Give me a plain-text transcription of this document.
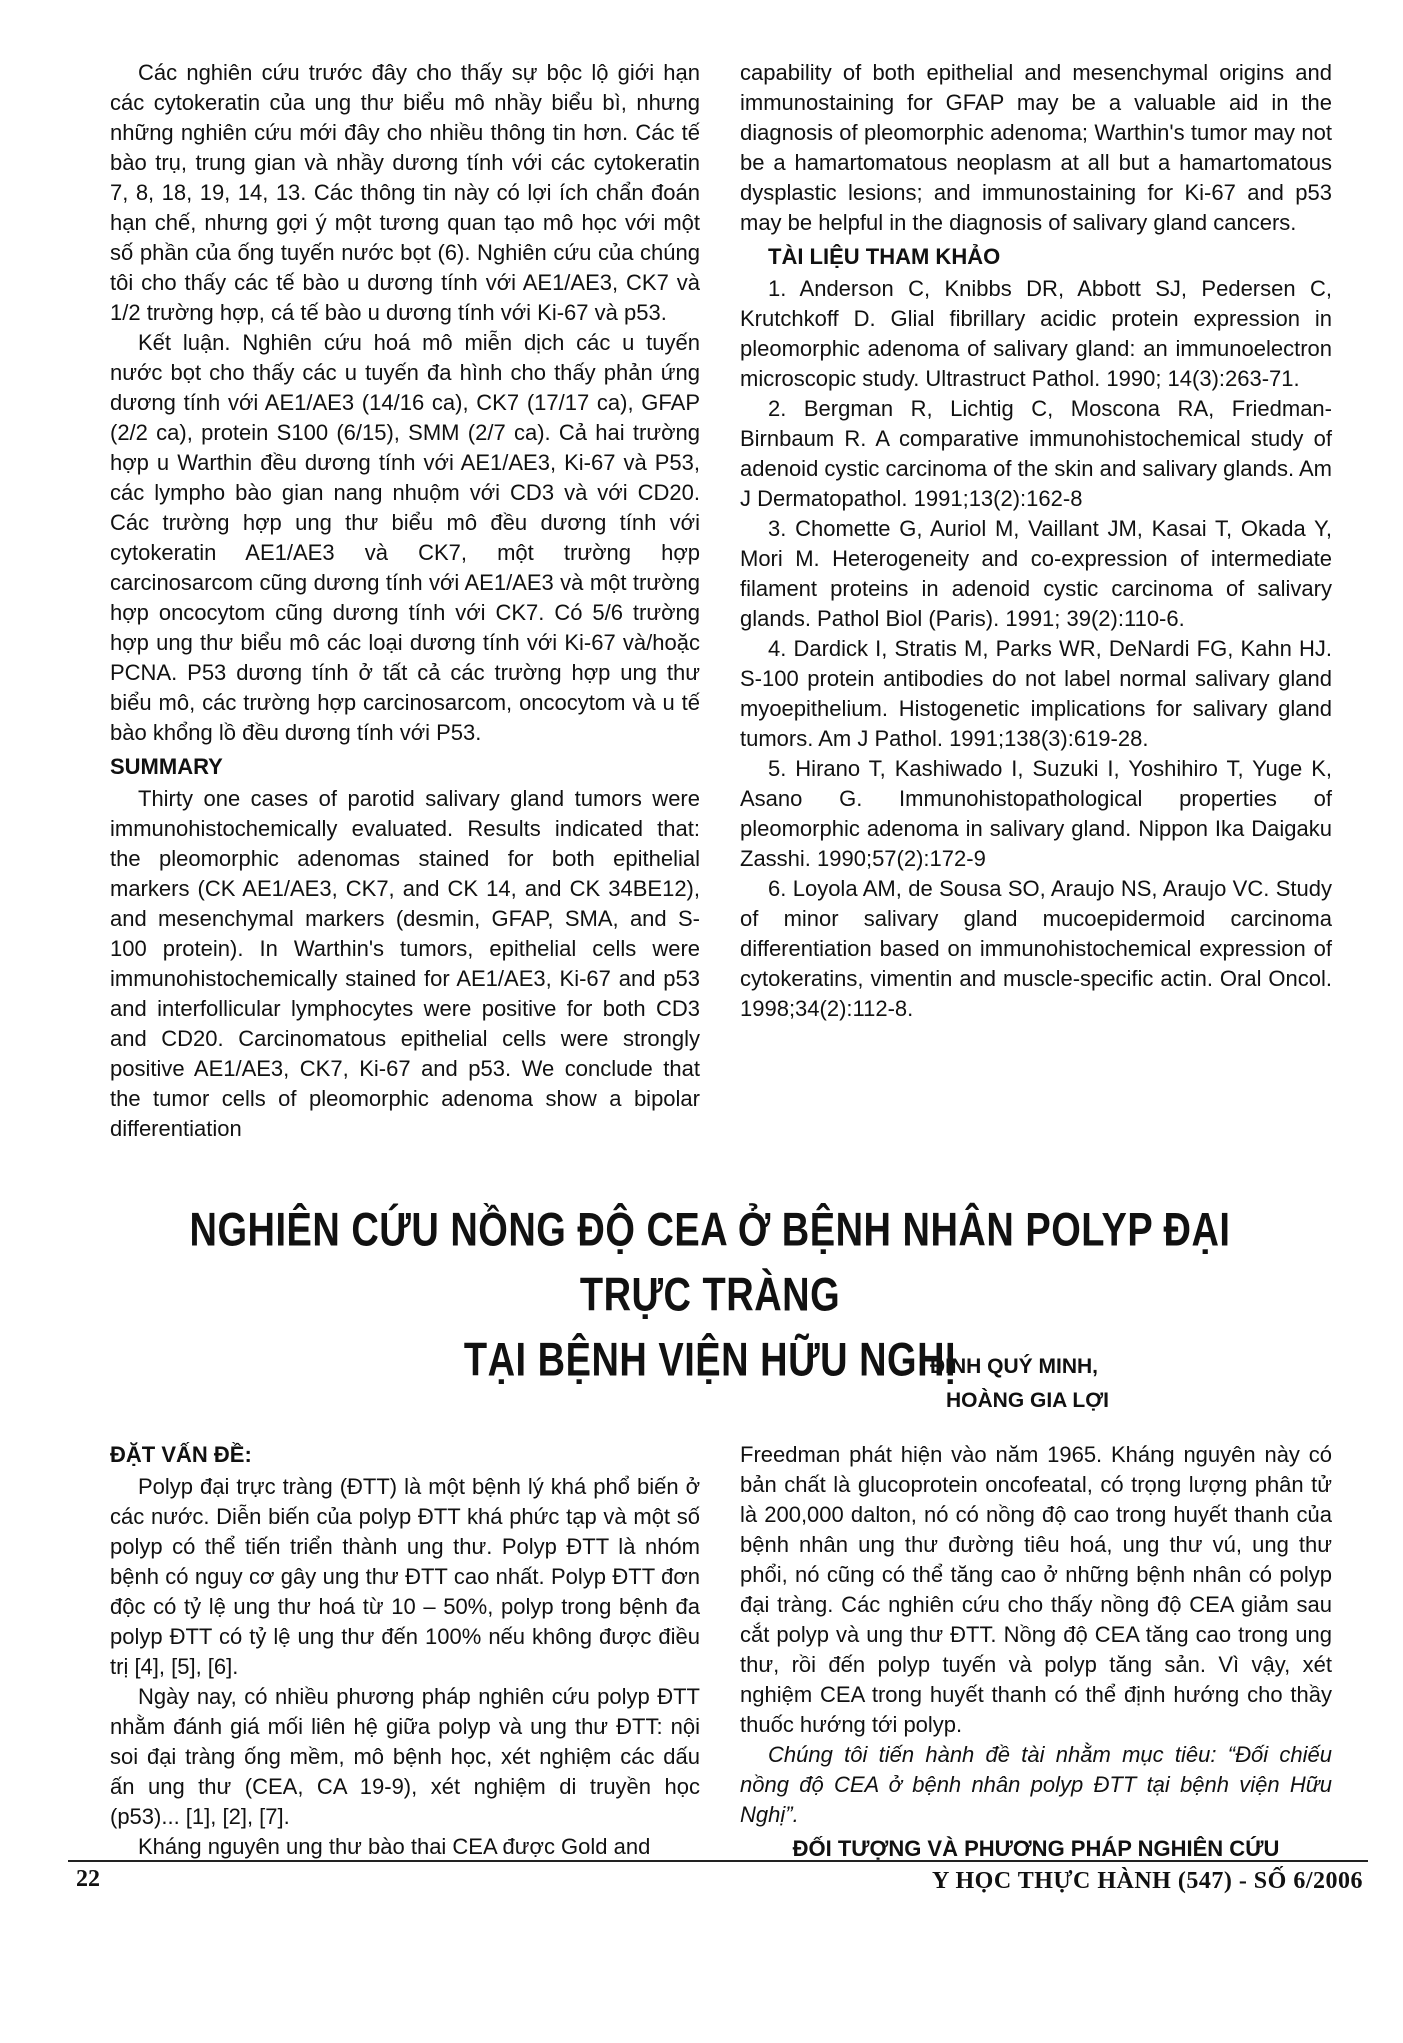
Các nghiên cứu trước đây cho thấy sự bộc lộ giới hạn các cytokeratin của ung thư biểu mô nhầy biểu bì, nhưng những nghiên cứu mới đây cho nhiều thông tin hơn. Các tế bào trụ, trung gian và nhầy dương tính với các cytokeratin 7, 8, 18, 19, 14, 13. Các thông tin này có lợi ích chẩn đoán hạn chế, nhưng gợi ý một tương quan tạo mô học với một số phần của ống tuyến nước bọt (6). Nghiên cứu của chúng tôi cho thấy các tế bào u dương tính với AE1/AE3, CK7 và 1/2 trường hợp, cá tế bào u dương tính với Ki-67 và p53.

Kết luận. Nghiên cứu hoá mô miễn dịch các u tuyến nước bọt cho thấy các u tuyến đa hình cho thấy phản ứng dương tính với AE1/AE3 (14/16 ca), CK7 (17/17 ca), GFAP (2/2 ca), protein S100 (6/15), SMM (2/7 ca). Cả hai trường hợp u Warthin đều dương tính với AE1/AE3, Ki-67 và P53, các lympho bào gian nang nhuộm với CD3 và với CD20. Các trường hợp ung thư biểu mô đều dương tính với cytokeratin AE1/AE3 và CK7, một trường hợp carcinosarcom cũng dương tính với AE1/AE3 và một trường hợp oncocytom cũng dương tính với CK7. Có 5/6 trường hợp ung thư biểu mô các loại dương tính với Ki-67 và/hoặc PCNA. P53 dương tính ở tất cả các trường hợp ung thư biểu mô, các trường hợp carcinosarcom, oncocytom và u tế bào khổng lồ đều dương tính với P53.

SUMMARY

Thirty one cases of parotid salivary gland tumors were immunohistochemically evaluated. Results indicated that: the pleomorphic adenomas stained for both epithelial markers (CK AE1/AE3, CK7, and CK 14, and CK 34BE12), and mesenchymal markers (desmin, GFAP, SMA, and S-100 protein). In Warthin's tumors, epithelial cells were immunohistochemically stained for AE1/AE3, Ki-67 and p53 and interfollicular lymphocytes were positive for both CD3 and CD20. Carcinomatous epithelial cells were strongly positive AE1/AE3, CK7, Ki-67 and p53. We conclude that the tumor cells of pleomorphic adenoma show a bipolar differentiation

capability of both epithelial and mesenchymal origins and immunostaining for GFAP may be a valuable aid in the diagnosis of pleomorphic adenoma; Warthin's tumor may not be a hamartomatous neoplasm at all but a hamartomatous dysplastic lesions; and immunostaining for Ki-67 and p53 may be helpful in the diagnosis of salivary gland cancers.

TÀI LIỆU THAM KHẢO

1. Anderson C, Knibbs DR, Abbott SJ, Pedersen C, Krutchkoff D. Glial fibrillary acidic protein expression in pleomorphic adenoma of salivary gland: an immunoelectron microscopic study. Ultrastruct Pathol. 1990; 14(3):263-71.

2. Bergman R, Lichtig C, Moscona RA, Friedman-Birnbaum R. A comparative immunohistochemical study of adenoid cystic carcinoma of the skin and salivary glands. Am J Dermatopathol. 1991;13(2):162-8

3. Chomette G, Auriol M, Vaillant JM, Kasai T, Okada Y, Mori M. Heterogeneity and co-expression of intermediate filament proteins in adenoid cystic carcinoma of salivary glands. Pathol Biol (Paris). 1991; 39(2):110-6.

4. Dardick I, Stratis M, Parks WR, DeNardi FG, Kahn HJ. S-100 protein antibodies do not label normal salivary gland myoepithelium. Histogenetic implications for salivary gland tumors. Am J Pathol. 1991;138(3):619-28.

5. Hirano T, Kashiwado I, Suzuki I, Yoshihiro T, Yuge K, Asano G. Immunohistopathological properties of pleomorphic adenoma in salivary gland. Nippon Ika Daigaku Zasshi. 1990;57(2):172-9

6. Loyola AM, de Sousa SO, Araujo NS, Araujo VC. Study of minor salivary gland mucoepidermoid carcinoma differentiation based on immunohistochemical expression of cytokeratins, vimentin and muscle-specific actin. Oral Oncol. 1998;34(2):112-8.

NGHIÊN CỨU NỒNG ĐỘ CEA Ở BỆNH NHÂN POLYP ĐẠI TRỰC TRÀNG
TẠI BỆNH VIỆN HỮU NGHỊ
ĐINH QUÝ MINH,
HOÀNG GIA LỢI
ĐẶT VẤN ĐỀ:

Polyp đại trực tràng (ĐTT) là một bệnh lý khá phổ biến ở các nước. Diễn biến của polyp ĐTT khá phức tạp và một số polyp có thể tiến triển thành ung thư. Polyp ĐTT là nhóm bệnh có nguy cơ gây ung thư ĐTT cao nhất. Polyp ĐTT đơn độc có tỷ lệ ung thư hoá từ 10 – 50%, polyp trong bệnh đa polyp ĐTT có tỷ lệ ung thư đến 100% nếu không được điều trị [4], [5], [6].

Ngày nay, có nhiều phương pháp nghiên cứu polyp ĐTT nhằm đánh giá mối liên hệ giữa polyp và ung thư ĐTT: nội soi đại tràng ống mềm, mô bệnh học, xét nghiệm các dấu ấn ung thư (CEA, CA 19-9), xét nghiệm di truyền học (p53)... [1], [2], [7].

Kháng nguyên ung thư bào thai CEA được Gold and

Freedman phát hiện vào năm 1965. Kháng nguyên này có bản chất là glucoprotein oncofeatal, có trọng lượng phân tử là 200,000 dalton, nó có nồng độ cao trong huyết thanh của bệnh nhân ung thư đường tiêu hoá, ung thư vú, ung thư phổi, nó cũng có thể tăng cao ở những bệnh nhân có polyp đại tràng. Các nghiên cứu cho thấy nồng độ CEA giảm sau cắt polyp và ung thư ĐTT. Nồng độ CEA tăng cao trong ung thư, rồi đến polyp tuyến và polyp tăng sản. Vì vậy, xét nghiệm CEA trong huyết thanh có thể định hướng cho thầy thuốc hướng tới polyp.

Chúng tôi tiến hành đề tài nhằm mục tiêu: “Đối chiếu nồng độ CEA ở bệnh nhân polyp ĐTT tại bệnh viện Hữu Nghị”.

ĐỐI TƯỢNG VÀ PHƯƠNG PHÁP NGHIÊN CỨU
22	Y HỌC THỰC HÀNH (547) - SỐ 6/2006
